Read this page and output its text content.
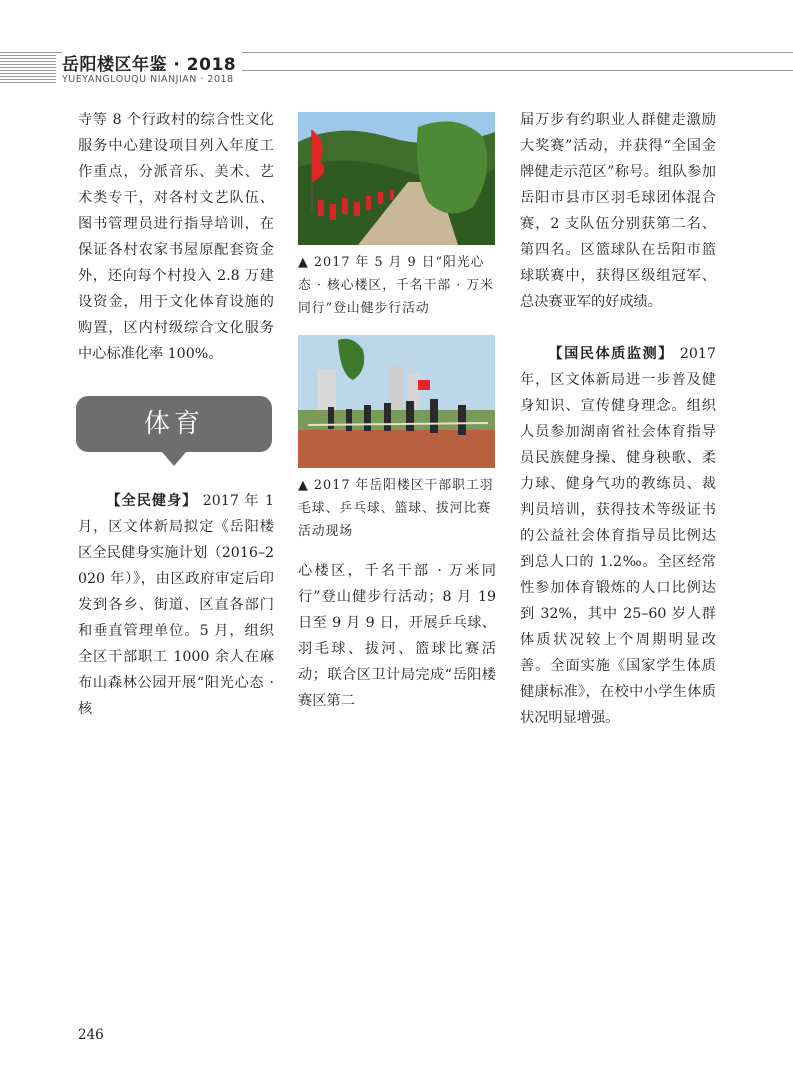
岳阳楼区年鉴 · 2018
YUEYANGLOUQU NIANJIAN · 2018

寺等 8 个行政村的综合性文化服务中心建设项目列入年度工作重点，分派音乐、美术、艺术类专干，对各村文艺队伍、图书管理员进行指导培训，在保证各村农家书屋原配套资金外，还向每个村投入 2.8 万建设资金，用于文化体育设施的购置，区内村级综合文化服务中心标准化率 100%。

体育

【全民健身】 2017 年 1 月，区文体新局拟定《岳阳楼区全民健身实施计划（2016–2020 年）》，由区政府审定后印发到各乡、街道、区直各部门和垂直管理单位。5 月，组织全区干部职工 1000 余人在麻布山森林公园开展“阳光心态 · 核

▲ 2017 年 5 月 9 日“阳光心态 · 核心楼区，千名干部 · 万米同行”登山健步行活动
▲ 2017 年岳阳楼区干部职工羽毛球、乒乓球、篮球、拔河比赛活动现场

心楼区，千名干部 · 万米同行”登山健步行活动；8 月 19 日至 9 月 9 日，开展乒乓球、羽毛球、拔河、篮球比赛活动；联合区卫计局完成“岳阳楼赛区第二

届万步有约职业人群健走激励大奖赛”活动，并获得“全国金牌健走示范区”称号。组队参加岳阳市县市区羽毛球团体混合赛，2 支队伍分别获第二名、第四名。区篮球队在岳阳市篮球联赛中，获得区级组冠军、总决赛亚军的好成绩。

【国民体质监测】 2017 年，区文体新局进一步普及健身知识、宣传健身理念。组织人员参加湖南省社会体育指导员民族健身操、健身秧歌、柔力球、健身气功的教练员、裁判员培训，获得技术等级证书的公益社会体育指导员比例达到总人口的 1.2‰。全区经常性参加体育锻炼的人口比例达到 32%，其中 25–60 岁人群体质状况较上个周期明显改善。全面实施《国家学生体质健康标准》，在校中小学生体质状况明显增强。

246
